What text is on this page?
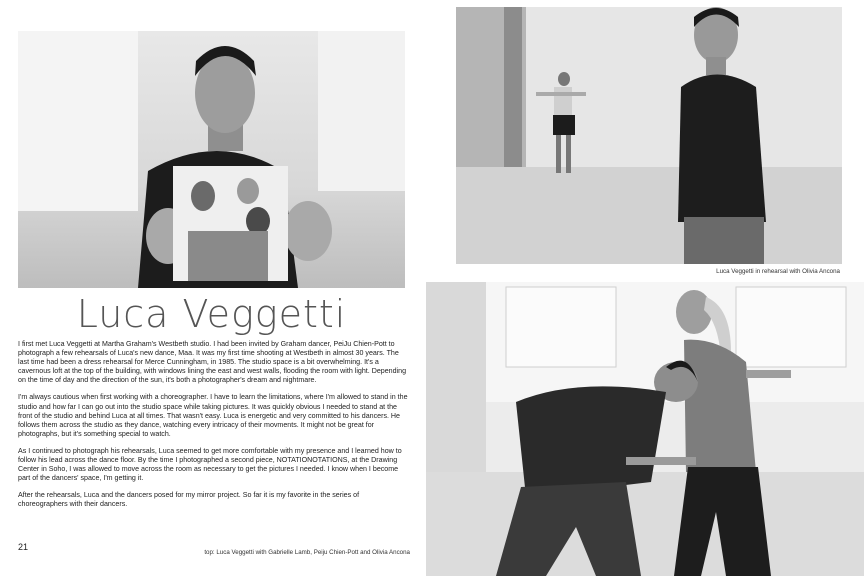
Luca Veggetti in rehearsal with Olivia Ancona
Luca Veggetti

I first met Luca Veggetti at Martha Graham's Westbeth studio. I had been invited by Graham dancer, PeiJu Chien-Pott to photograph a few rehearsals of Luca's new dance, Maa. It was my first time shooting at Westbeth in almost 30 years. The last time had been a dress rehearsal for Merce Cunningham, in 1985. The studio space is a bit overwhelming. It's a cavernous loft at the top of the building, with windows lining the east and west walls, flooding the room with light. Depending on the time of day and the direction of the sun, it's both a photographer's dream and nightmare.

I'm always cautious when first working with a choreographer. I have to learn the limitations, where I'm allowed to stand in the studio and how far I can go out into the studio space while taking pictures. It was quickly obvious I needed to stand at the front of the studio and behind Luca at all times. That wasn't easy. Luca is energetic and very committed to his dancers. He follows them across the studio as they dance, watching every intricacy of their movments. It might not be great for photographs, but it's something special to watch.

As I continued to photograph his rehearsals, Luca seemed to get more comfortable with my presence and I learned how to follow his lead across the dance floor. By the time I photographed a second piece, NOTATIONOTATIONS, at the Drawing Center in Soho, I was allowed to move across the room as necessary to get the pictures I needed. I know when I become part of the dancers' space, I'm getting it.

After the rehearsals, Luca and the dancers posed for my mirror project. So far it is my favorite in the series of choreographers with their dancers.

21
top: Luca Veggetti with Gabrielle Lamb, Peiju Chien-Pott and Olivia Ancona
